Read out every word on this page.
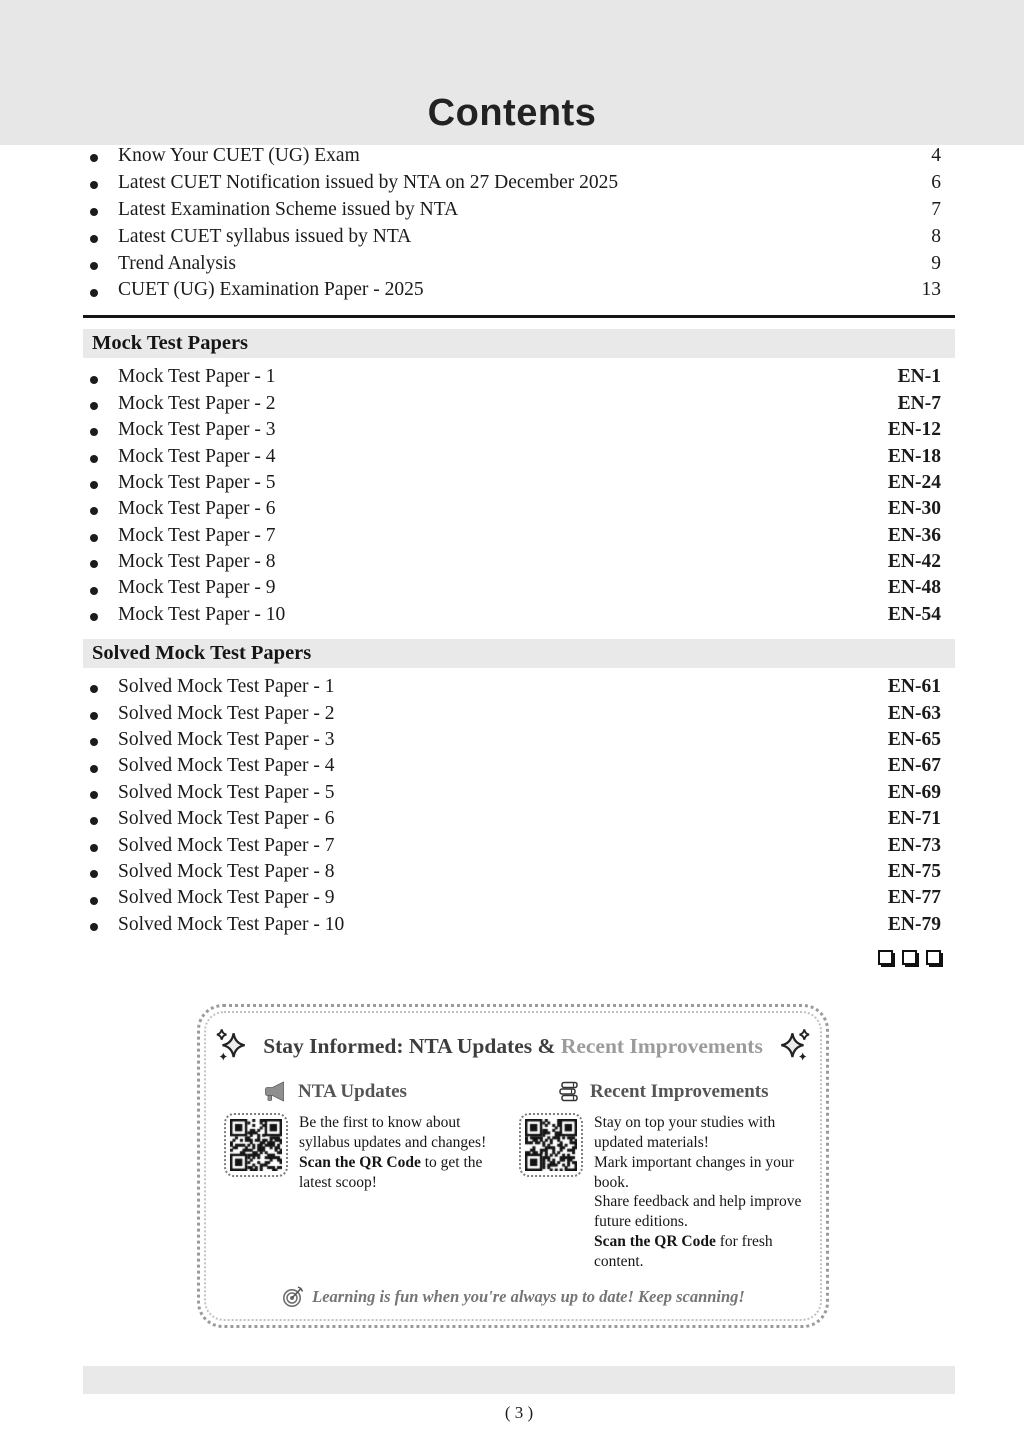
Contents
Know Your CUET (UG) Exam	4
Latest CUET Notification issued by NTA on 27 December 2025	6
Latest Examination Scheme issued by NTA	7
Latest CUET syllabus issued by NTA	8
Trend Analysis	9
CUET (UG) Examination Paper - 2025	13
Mock Test Papers
Mock Test Paper - 1	EN-1
Mock Test Paper - 2	EN-7
Mock Test Paper - 3	EN-12
Mock Test Paper - 4	EN-18
Mock Test Paper - 5	EN-24
Mock Test Paper - 6	EN-30
Mock Test Paper - 7	EN-36
Mock Test Paper - 8	EN-42
Mock Test Paper - 9	EN-48
Mock Test Paper - 10	EN-54
Solved Mock Test Papers
Solved Mock Test Paper - 1	EN-61
Solved Mock Test Paper - 2	EN-63
Solved Mock Test Paper - 3	EN-65
Solved Mock Test Paper - 4	EN-67
Solved Mock Test Paper - 5	EN-69
Solved Mock Test Paper - 6	EN-71
Solved Mock Test Paper - 7	EN-73
Solved Mock Test Paper - 8	EN-75
Solved Mock Test Paper - 9	EN-77
Solved Mock Test Paper - 10	EN-79
Stay Informed: NTA Updates & Recent Improvements
NTA Updates

Be the first to know about syllabus updates and changes! Scan the QR Code to get the latest scoop!

Recent Improvements

Stay on top your studies with updated materials!

Mark important changes in your book.

Share feedback and help improve future editions.

Scan the QR Code for fresh content.

Learning is fun when you're always up to date! Keep scanning!
( 3 )
